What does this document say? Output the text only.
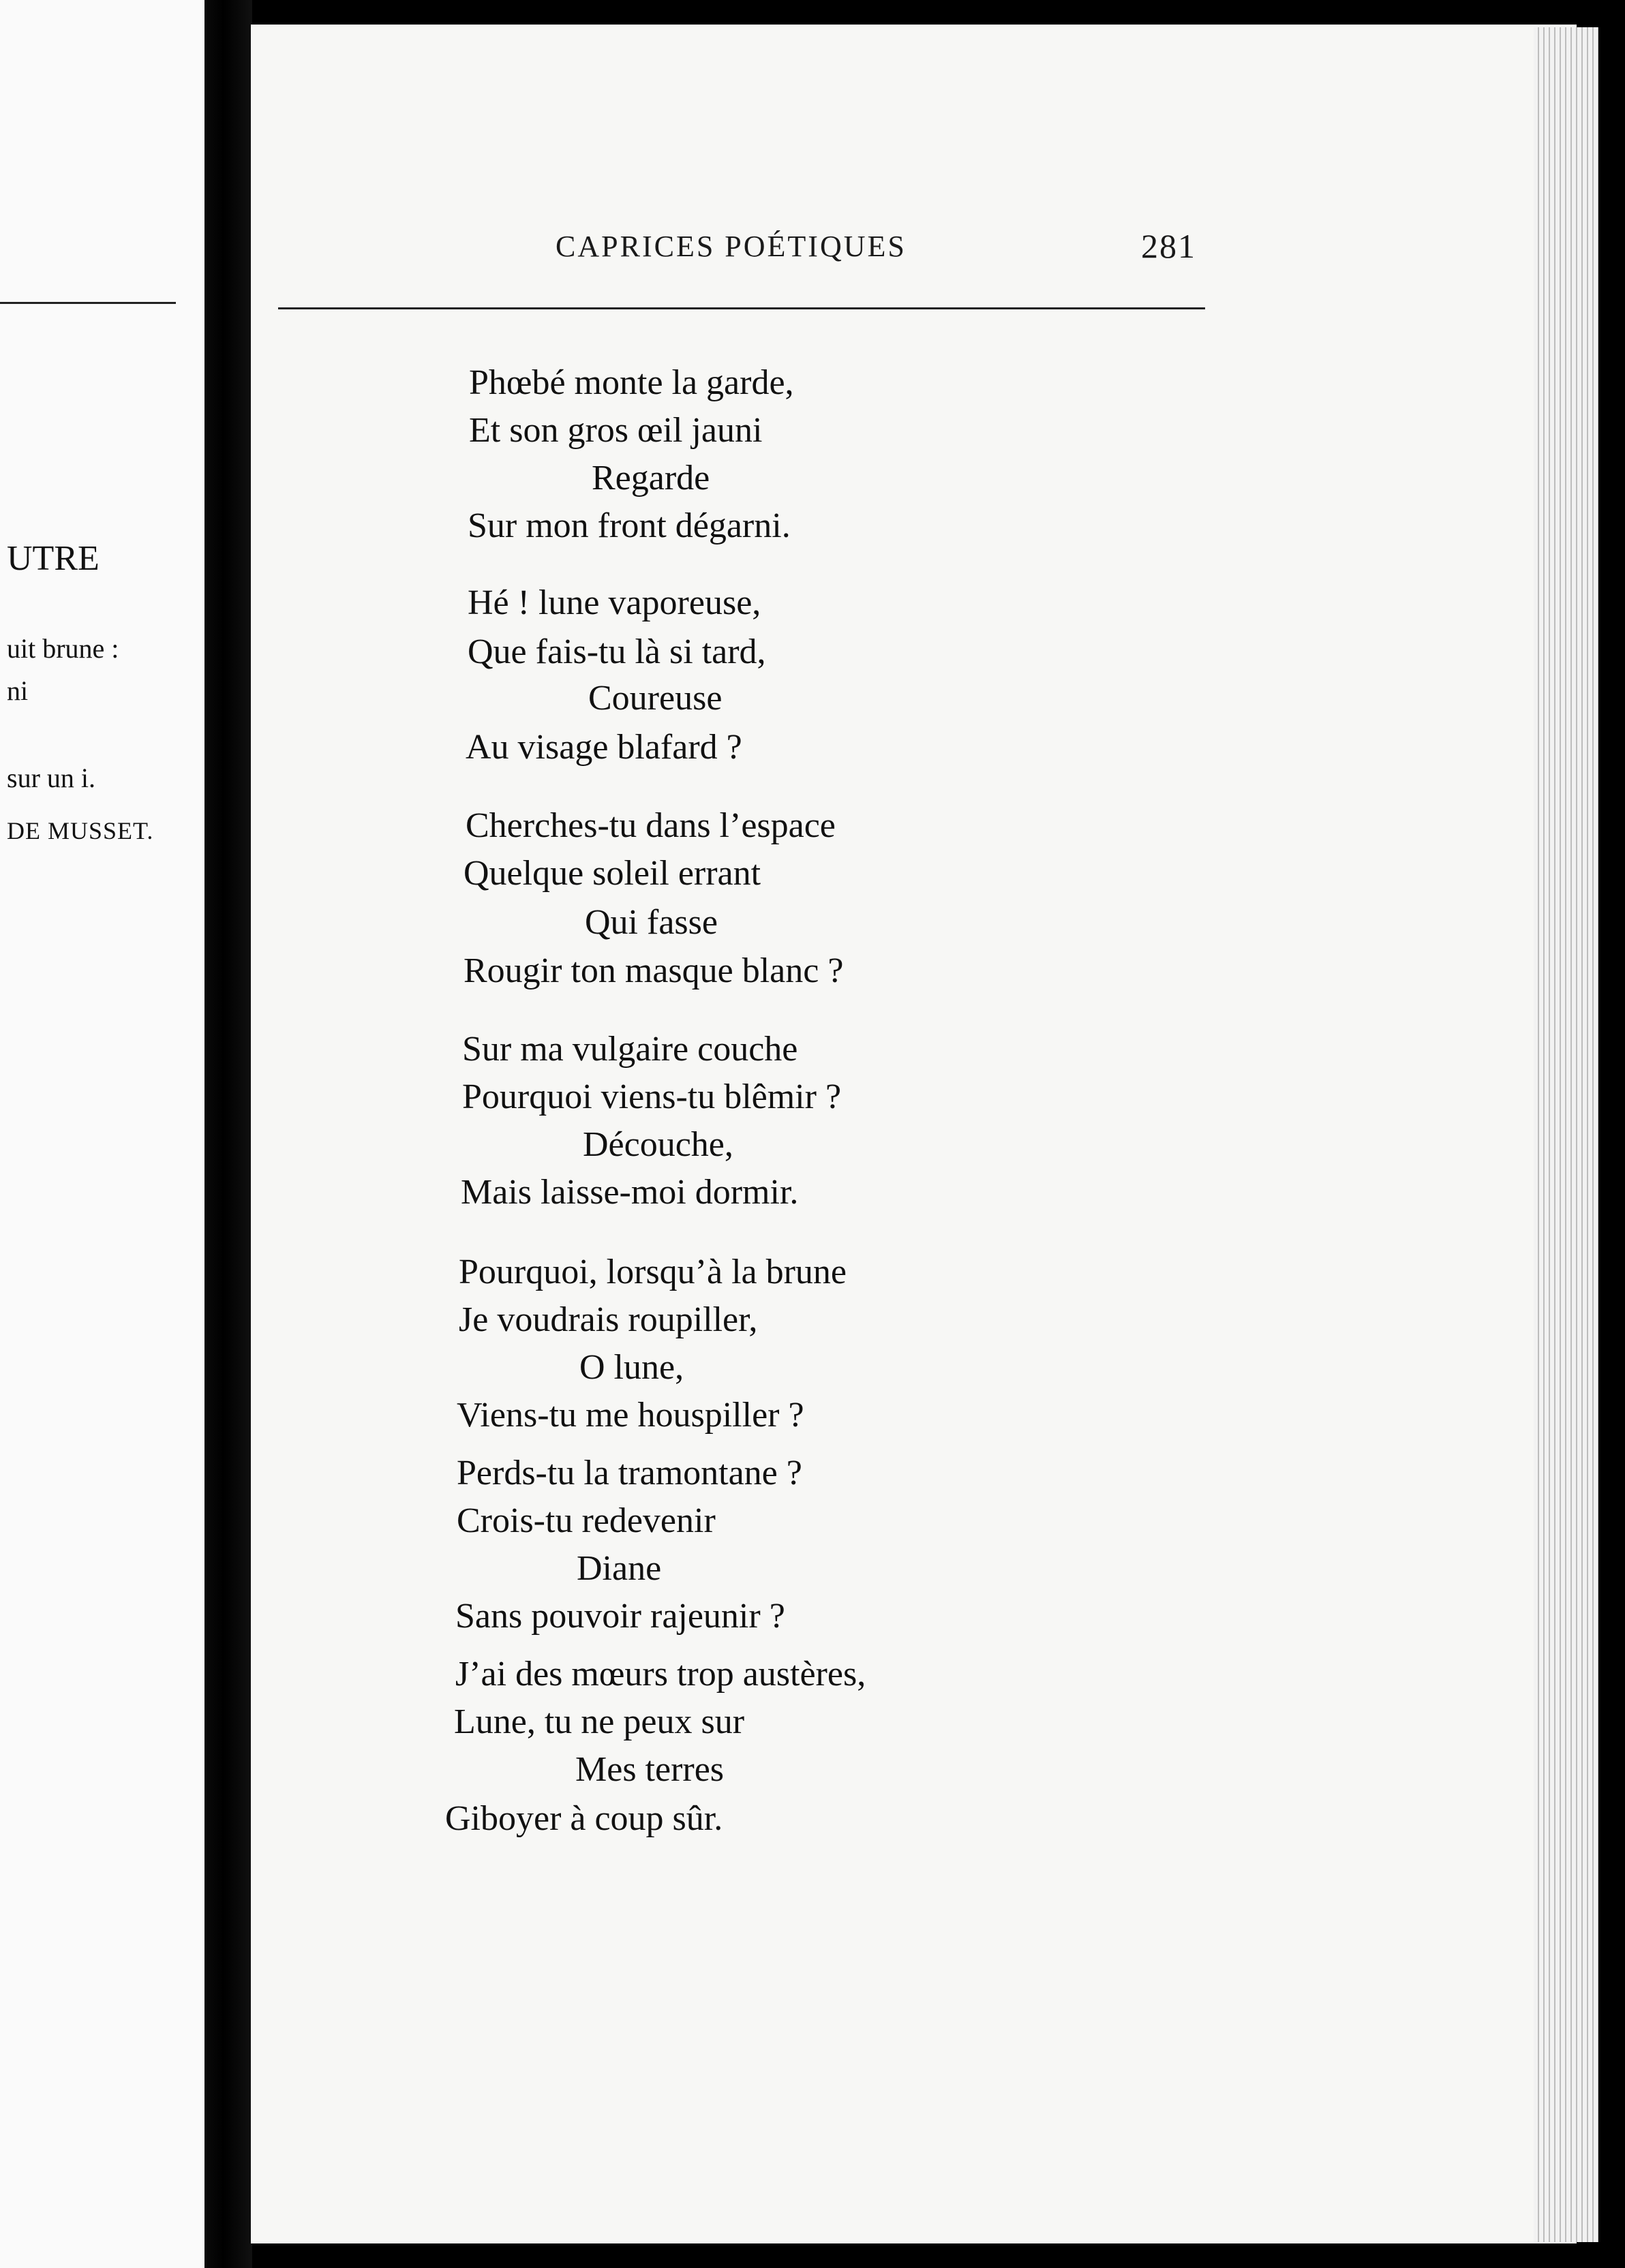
UTRE
uit brune :
ni
sur un i.
DE MUSSET.
CAPRICES POÉTIQUES	281
Phœbé monte la garde,
Et son gros œil jauni
Regarde
Sur mon front dégarni.
Hé ! lune vaporeuse,
Que fais-tu là si tard,
Coureuse
Au visage blafard ?
Cherches-tu dans l’espace
Quelque soleil errant
Qui fasse
Rougir ton masque blanc ?
Sur ma vulgaire couche
Pourquoi viens-tu blêmir ?
Découche,
Mais laisse-moi dormir.
Pourquoi, lorsqu’à la brune
Je voudrais roupiller,
O lune,
Viens-tu me houspiller ?
Perds-tu la tramontane ?
Crois-tu redevenir
Diane
Sans pouvoir rajeunir ?
J’ai des mœurs trop austères,
Lune, tu ne peux sur
Mes terres
Giboyer à coup sûr.
